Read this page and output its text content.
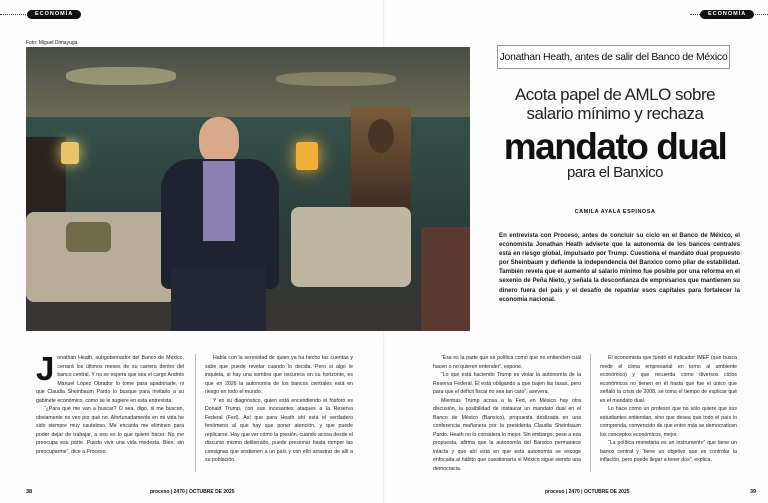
ECONOMÍA	ECONOMÍA
Foto: Miguel Dimayuga
Jonathan Heath, antes de salir del Banco de México
Acota papel de AMLO sobre
salario mínimo y rechaza
mandato dual
para el Banxico
CAMILA AYALA ESPINOSA
En entrevista con Proceso, antes de concluir su ciclo en el Banco de México, el economista Jonathan Heath advierte que la autonomía de los bancos centrales está en riesgo global, impulsado por Trump. Cuestiona el mandato dual propuesto por Sheinbaum y defiende la independencia del Banxico como pilar de estabilidad. También revela que el aumento al salario mínimo fue posible por una reforma en el sexenio de Peña Nieto, y señala la desconfianza de empresarios que mantienen su dinero fuera del país y el desafío de repatriar esos capitales para fortalecer la economía nacional.
J onathan Heath, subgobernador del Banco de México, cerrará los últimos meses de su carrera dentro del banco central. Y no se espera que sea el cargo Andrés Manuel López Obrador lo tome para apadrinarle, ni que Claudia Sheinbaum Pardo lo busque para invitarlo a su gabinete económico, como se le sugiere en esta entrevista.

“¿Para qué me van a buscar? O sea, digo, si me buscan, obviamente no veo por qué no. Afortunadamente en mi vida he sido siempre muy cauteloso. Me encanta me eliminen para poder dejar de trabajar, a eso es lo que quiero hacer. No me preocupa esa parte. Puedo vivir una vida modesta. Bien, sin preocuparme”, dice a Proceso.

Habla con la serenidad de quien ya ha hecho las cuentas y sabe que puede revelar cuando lo decida. Pero si algo le inquieta, si hay una sombra que oscurece en su horizonte, es que en 2026 la autonomía de los bancos centrales está en riesgo en todo el mundo.

Y en su diagnóstico, quien está encendiendo el fósforo es Donald Trump, con sus incesantes ataques a la Reserva Federal (Fed). Así que para Heath ahí está el verdadero fenómeno al que hay que poner atención, y que puede replicarse. Hay que ver cómo la presión, cuando acosa desde el discurso mismo deliberado, puede presionar hasta romper las consignas que sostienen a un país y con ello arrastrar de allí a su población.

“Ésa es la parte que es política como que no entienden cuál hacen o no quieren entender”, expone.

“Lo que está haciendo Trump es violar la autonomía de la Reserva Federal. Él está obligando a que bajen las tasas, pero para que el déficit fiscal no sea tan caro”, asevera.

Mientras Trump acosa a la Fed, en México hay otra discusión, la posibilidad de instaurar un mandato dual en el Banco de México (Banxico), propuesta deslizada en una conferencia mañanera por la presidenta Claudia Sheinbaum Pardo. Heath no lo considera lo mejor. Sin embargo, pese a esa propuesta, afirma que la autonomía del Banxico permanece intacta y que ahí está en que esta autonomía se escoge enfocada al hábito que cuestionaría si México sigue siendo una democracia.

El economista que fundó el indicador IMEF (que busca medir el clima empresarial en torno al ambiente económico) y que recuerda cómo diversos ciclos económicos no tienen en él hasta que fue el único que señaló la crisis de 2008, se toma el tiempo de explicar qué es el mandato dual.

Lo hace como un profesor que no sólo quiere que sus estudiantes entiendan, sino que desea que todo el país lo comprenda, convencido de que entre más se democraticen los conceptos económicos, mejor.

“La política monetaria es un instrumento” que tiene un banco central y “tiene un objetivo que es controlar la inflación, pero puede llegar a tener dos”, explica.

38	proceso | 2470 | OCTUBRE DE 2025	proceso | 2470 | OCTUBRE DE 2025	39
